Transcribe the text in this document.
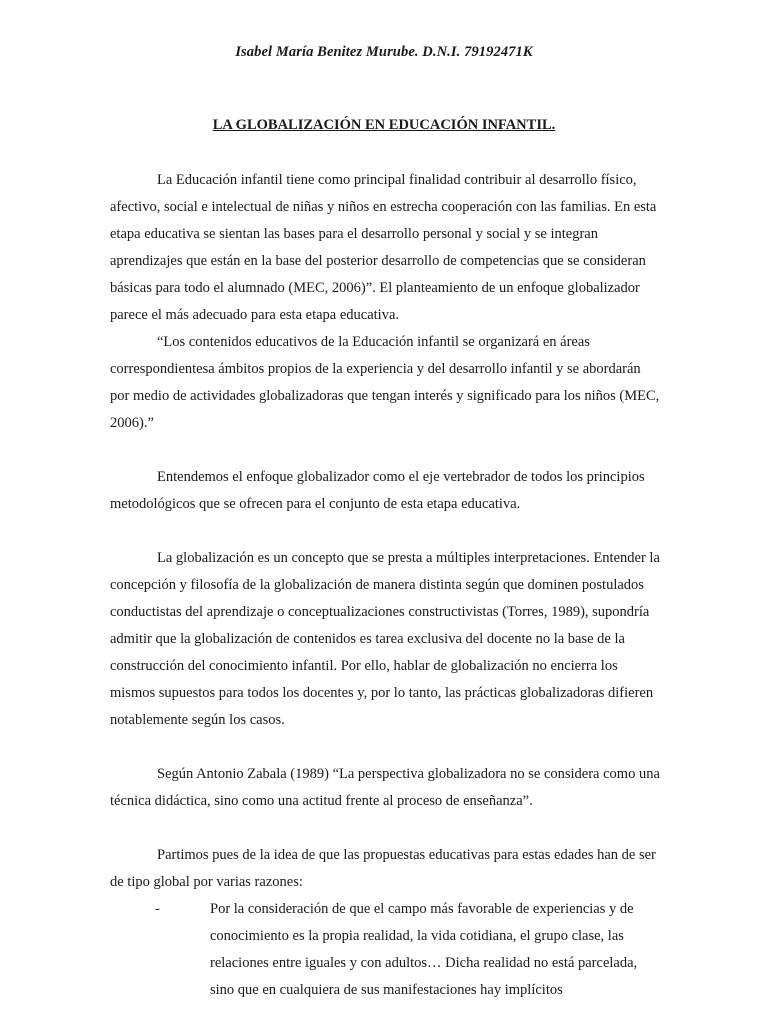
Isabel María Benitez Murube. D.N.I. 79192471K
LA GLOBALIZACIÓN EN EDUCACIÓN INFANTIL.

La Educación infantil tiene como principal finalidad contribuir al desarrollo físico, afectivo, social e intelectual de niñas y niños en estrecha cooperación con las familias. En esta etapa educativa se sientan las bases para el desarrollo personal y social y se integran aprendizajes que están en la base del posterior desarrollo de competencias que se consideran básicas para todo el alumnado (MEC, 2006)”. El planteamiento de un enfoque globalizador parece el más adecuado para esta etapa educativa.

“Los contenidos educativos de la Educación infantil se organizará en áreas correspondientesa ámbitos propios de la experiencia y del desarrollo infantil y se abordarán por medio de actividades globalizadoras que tengan interés y significado para los niños (MEC, 2006).”

Entendemos el enfoque globalizador como el eje vertebrador de todos los principios metodológicos que se ofrecen para el conjunto de esta etapa educativa.

La globalización es un concepto que se presta a múltiples interpretaciones. Entender la concepción y filosofía de la globalización de manera distinta según que dominen postulados conductistas del aprendizaje o conceptualizaciones constructivistas (Torres, 1989), supondría admitir que la globalización de contenidos es tarea exclusiva del docente no la base de la construcción del conocimiento infantil. Por ello, hablar de globalización no encierra los mismos supuestos para todos los docentes y, por lo tanto, las prácticas globalizadoras difieren notablemente según los casos.

Según Antonio Zabala (1989) “La perspectiva globalizadora no se considera como una técnica didáctica, sino como una actitud frente al proceso de enseñanza”.

Partimos pues de la idea de que las propuestas educativas para estas edades han de ser de tipo global por varias razones:

-	Por la consideración de que el campo más favorable de experiencias y de conocimiento es la propia realidad, la vida cotidiana, el grupo clase, las relaciones entre iguales y con adultos… Dicha realidad no está parcelada, sino que en cualquiera de sus manifestaciones hay implícitos
